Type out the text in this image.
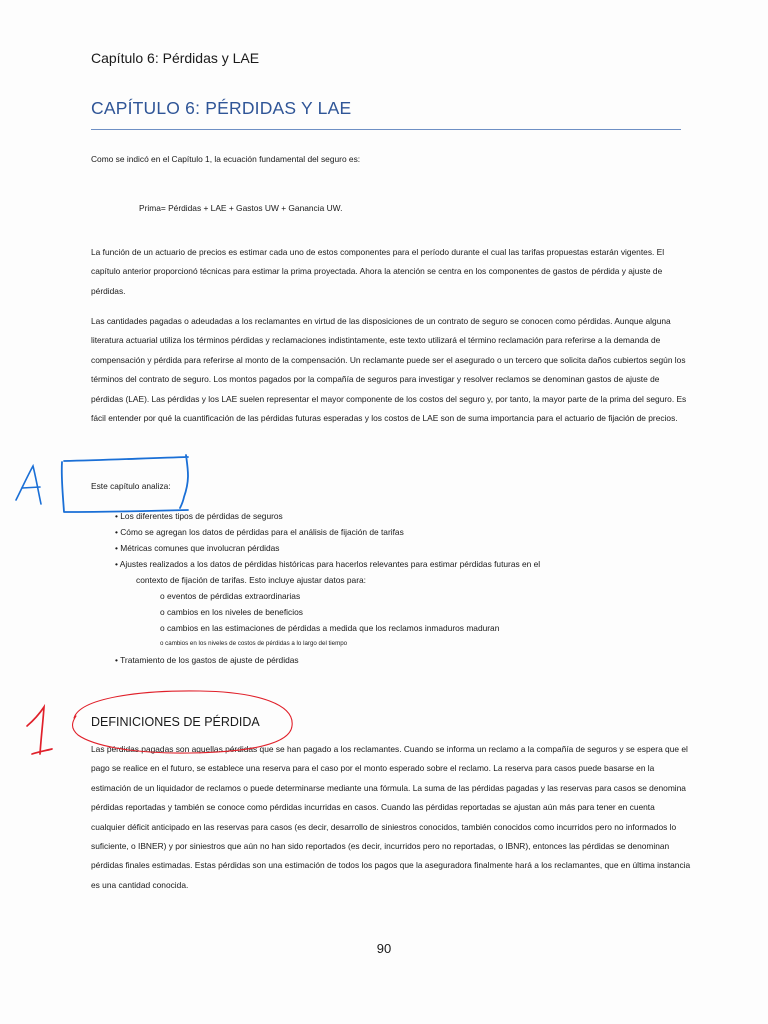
Capítulo 6: Pérdidas y LAE
CAPÍTULO 6: PÉRDIDAS Y LAE
Como se indicó en el Capítulo 1, la ecuación fundamental del seguro es:
Prima= Pérdidas + LAE + Gastos UW + Ganancia UW.
La función de un actuario de precios es estimar cada uno de estos componentes para el período durante el cual las tarifas propuestas estarán vigentes. El capítulo anterior proporcionó técnicas para estimar la prima proyectada. Ahora la atención se centra en los componentes de gastos de pérdida y ajuste de pérdidas.
Las cantidades pagadas o adeudadas a los reclamantes en virtud de las disposiciones de un contrato de seguro se conocen como pérdidas. Aunque alguna literatura actuarial utiliza los términos pérdidas y reclamaciones indistintamente, este texto utilizará el término reclamación para referirse a la demanda de compensación y pérdida para referirse al monto de la compensación. Un reclamante puede ser el asegurado o un tercero que solicita daños cubiertos según los términos del contrato de seguro. Los montos pagados por la compañía de seguros para investigar y resolver reclamos se denominan gastos de ajuste de pérdidas (LAE). Las pérdidas y los LAE suelen representar el mayor componente de los costos del seguro y, por tanto, la mayor parte de la prima del seguro. Es fácil entender por qué la cuantificación de las pérdidas futuras esperadas y los costos de LAE son de suma importancia para el actuario de fijación de precios.
Este capítulo analiza:
• Los diferentes tipos de pérdidas de seguros
• Cómo se agregan los datos de pérdidas para el análisis de fijación de tarifas
• Métricas comunes que involucran pérdidas
• Ajustes realizados a los datos de pérdidas históricas para hacerlos relevantes para estimar pérdidas futuras en el
contexto de fijación de tarifas. Esto incluye ajustar datos para:
o eventos de pérdidas extraordinarias
o cambios en los niveles de beneficios
o cambios en las estimaciones de pérdidas a medida que los reclamos inmaduros maduran
o cambios en los niveles de costos de pérdidas a lo largo del tiempo
• Tratamiento de los gastos de ajuste de pérdidas
DEFINICIONES DE PÉRDIDA
Las pérdidas pagadas son aquellas pérdidas que se han pagado a los reclamantes. Cuando se informa un reclamo a la compañía de seguros y se espera que el pago se realice en el futuro, se establece una reserva para el caso por el monto esperado sobre el reclamo. La reserva para casos puede basarse en la estimación de un liquidador de reclamos o puede determinarse mediante una fórmula. La suma de las pérdidas pagadas y las reservas para casos se denomina pérdidas reportadas y también se conoce como pérdidas incurridas en casos. Cuando las pérdidas reportadas se ajustan aún más para tener en cuenta cualquier déficit anticipado en las reservas para casos (es decir, desarrollo de siniestros conocidos, también conocidos como incurridos pero no informados lo suficiente, o IBNER) y por siniestros que aún no han sido reportados (es decir, incurridos pero no reportadas, o IBNR), entonces las pérdidas se denominan pérdidas finales estimadas. Estas pérdidas son una estimación de todos los pagos que la aseguradora finalmente hará a los reclamantes, que en última instancia es una cantidad conocida.
90
